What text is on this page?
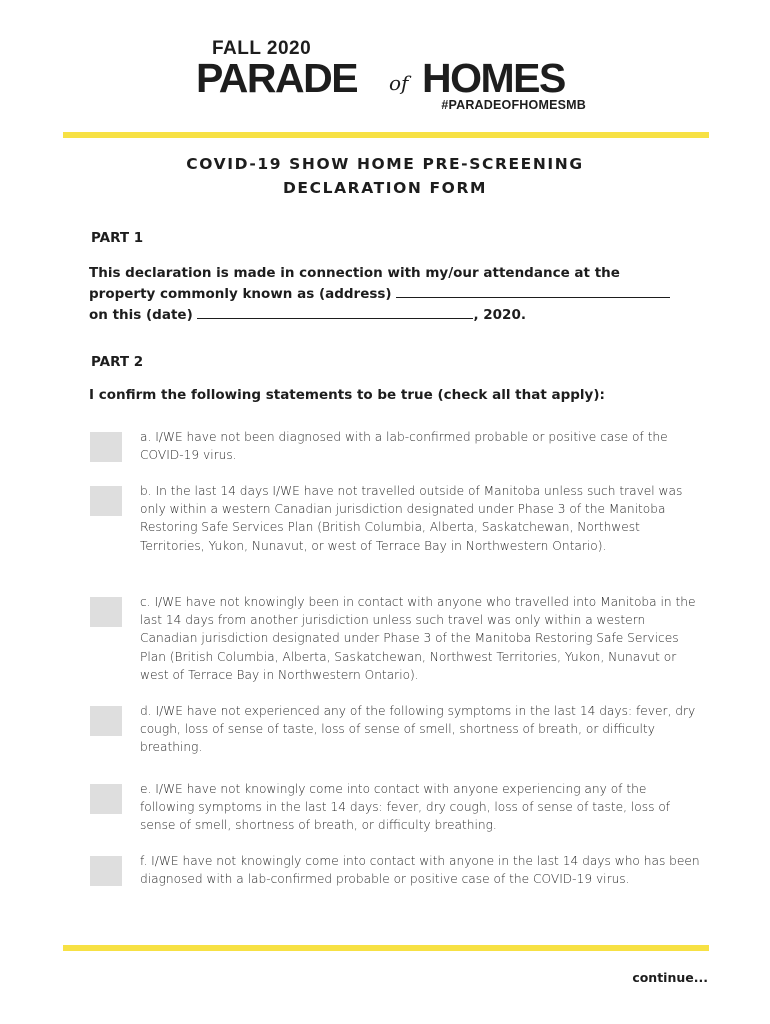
FALL 2020
PARADE of HOMES
#PARADEOFHOMESMB
COVID-19 SHOW HOME PRE-SCREENING
DECLARATION FORM
PART 1
This declaration is made in connection with my/our attendance at the
property commonly known as (address)
on this (date)	, 2020.
PART 2
I confirm the following statements to be true (check all that apply):
a. I/WE have not been diagnosed with a lab-confirmed probable or positive case of the COVID-19 virus.
b. In the last 14 days I/WE have not travelled outside of Manitoba unless such travel was only within a western Canadian jurisdiction designated under Phase 3 of the Manitoba Restoring Safe Services Plan (British Columbia, Alberta, Saskatchewan, Northwest Territories, Yukon, Nunavut, or west of Terrace Bay in Northwestern Ontario).
c. I/WE have not knowingly been in contact with anyone who travelled into Manitoba in the last 14 days from another jurisdiction unless such travel was only within a western Canadian jurisdiction designated under Phase 3 of the Manitoba Restoring Safe Services Plan (British Columbia, Alberta, Saskatchewan, Northwest Territories, Yukon, Nunavut or west of Terrace Bay in Northwestern Ontario).
d. I/WE have not experienced any of the following symptoms in the last 14 days: fever, dry cough, loss of sense of taste, loss of sense of smell, shortness of breath, or difficulty breathing.
e. I/WE have not knowingly come into contact with anyone experiencing any of the following symptoms in the last 14 days: fever, dry cough, loss of sense of taste, loss of sense of smell, shortness of breath, or difficulty breathing.
f. I/WE have not knowingly come into contact with anyone in the last 14 days who has been diagnosed with a lab-confirmed probable or positive case of the COVID-19 virus.
continue...
